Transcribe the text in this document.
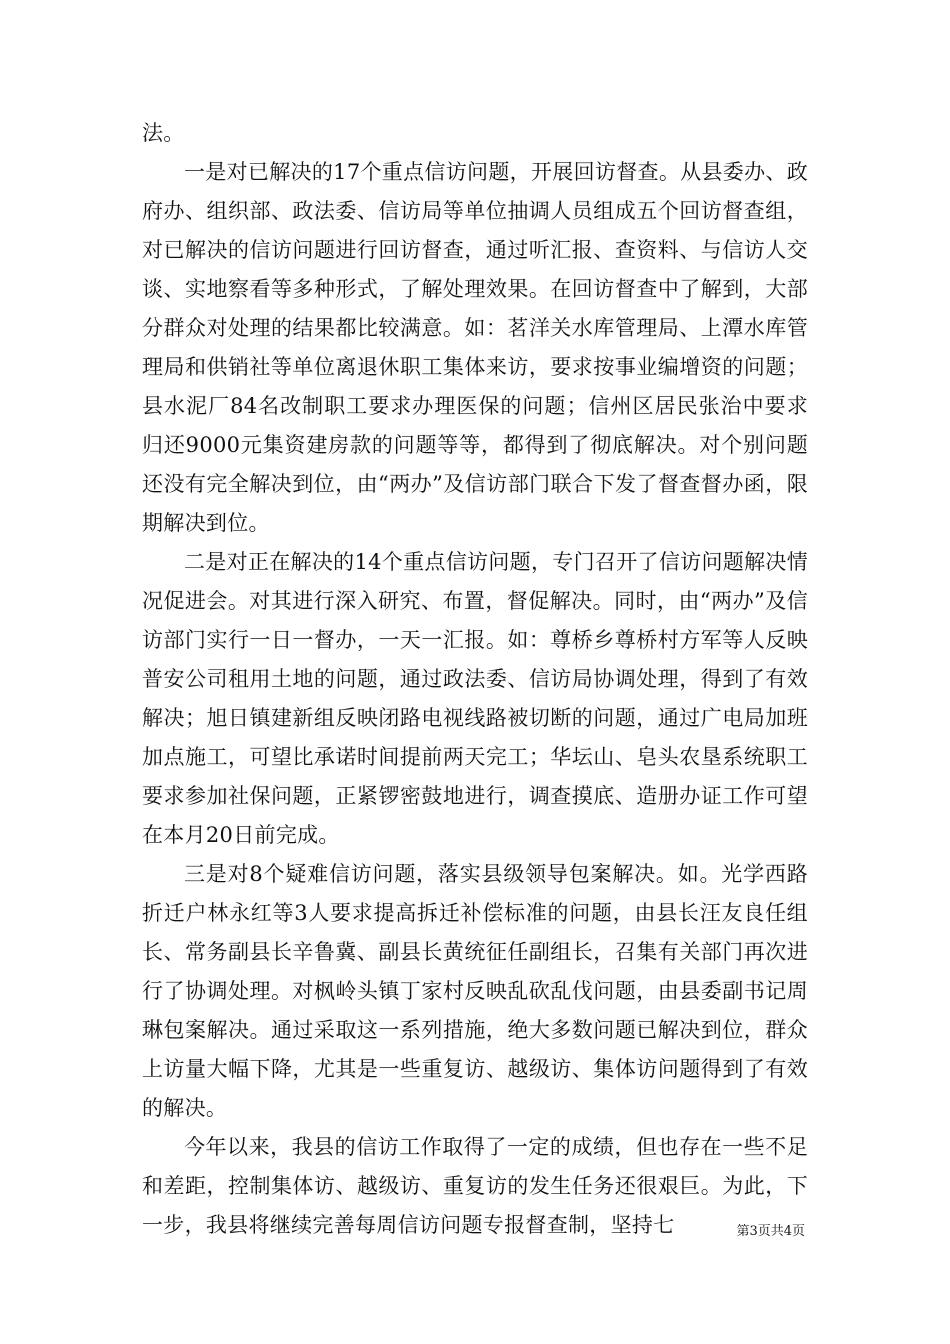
法。

一是对已解决的17个重点信访问题，开展回访督查。从县委办、政府办、组织部、政法委、信访局等单位抽调人员组成五个回访督查组，对已解决的信访问题进行回访督查，通过听汇报、查资料、与信访人交谈、实地察看等多种形式，了解处理效果。在回访督查中了解到，大部分群众对处理的结果都比较满意。如：茗洋关水库管理局、上潭水库管理局和供销社等单位离退休职工集体来访，要求按事业编增资的问题；县水泥厂84名改制职工要求办理医保的问题；信州区居民张治中要求归还9000元集资建房款的问题等等，都得到了彻底解决。对个别问题还没有完全解决到位，由“两办”及信访部门联合下发了督查督办函，限期解决到位。

二是对正在解决的14个重点信访问题，专门召开了信访问题解决情况促进会。对其进行深入研究、布置，督促解决。同时，由“两办”及信访部门实行一日一督办，一天一汇报。如：尊桥乡尊桥村方军等人反映普安公司租用土地的问题，通过政法委、信访局协调处理，得到了有效解决；旭日镇建新组反映闭路电视线路被切断的问题，通过广电局加班加点施工，可望比承诺时间提前两天完工；华坛山、皂头农垦系统职工要求参加社保问题，正紧锣密鼓地进行，调查摸底、造册办证工作可望在本月20日前完成。

三是对8个疑难信访问题，落实县级领导包案解决。如。光学西路折迁户林永红等3人要求提高拆迁补偿标准的问题，由县长汪友良任组长、常务副县长辛鲁冀、副县长黄统征任副组长，召集有关部门再次进行了协调处理。对枫岭头镇丁家村反映乱砍乱伐问题，由县委副书记周琳包案解决。通过采取这一系列措施，绝大多数问题已解决到位，群众上访量大幅下降，尤其是一些重复访、越级访、集体访问题得到了有效的解决。

今年以来，我县的信访工作取得了一定的成绩，但也存在一些不足和差距，控制集体访、越级访、重复访的发生任务还很艰巨。为此，下一步，我县将继续完善每周信访问题专报督查制，坚持七	第3页共4页
